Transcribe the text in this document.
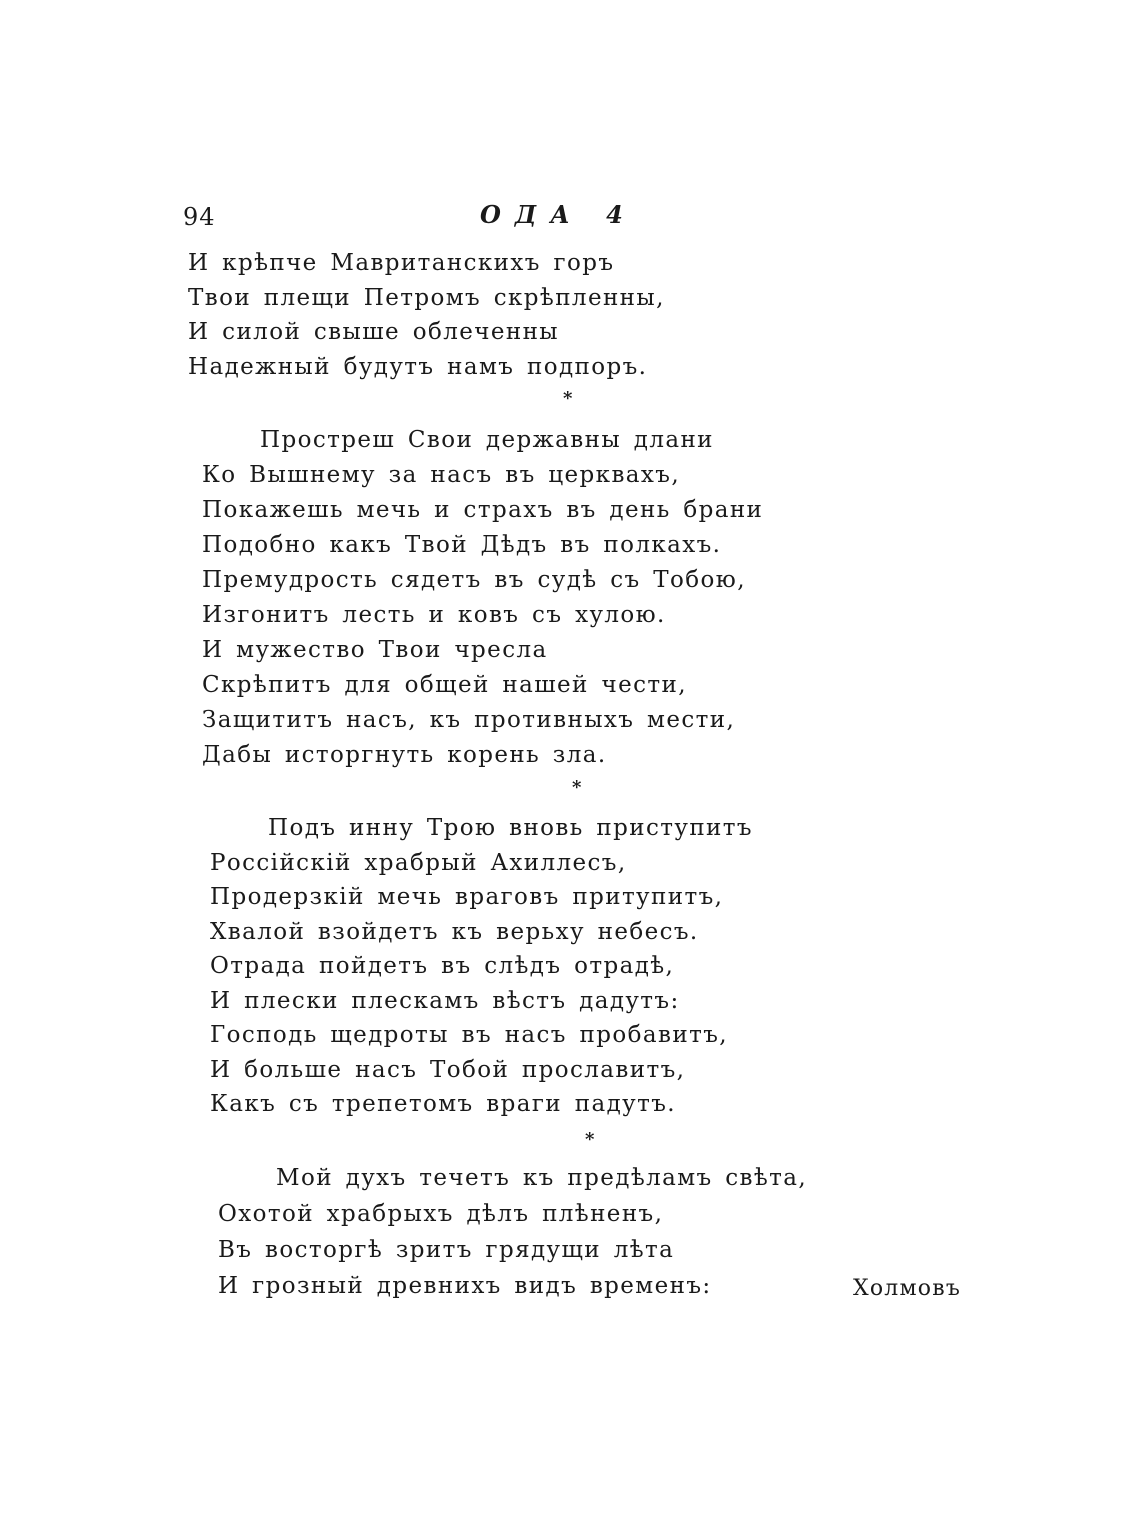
94	ОДА 4
И крѣпче Мавританскихъ горъ
Твои плещи Петромъ скрѣпленны,
И силой свыше облеченны
Надежный будутъ намъ подпоръ.
*
Простреш Свои державны длани
Ко Вышнему за насъ въ церквахъ,
Покажешь мечь и страхъ въ день брани
Подобно какъ Твой Дѣдъ въ полкахъ.
Премудрость сядетъ въ судѣ съ Тобою,
Изгонитъ лесть и ковъ съ хулою.
И мужество Твои чресла
Скрѣпитъ для общей нашей чести,
Защититъ насъ, къ противныхъ мести,
Дабы исторгнуть корень зла.
*
Подъ инну Трою вновь приступитъ
Россійскій храбрый Ахиллесъ,
Продерзкій мечь враговъ притупитъ,
Хвалой взойдетъ къ верьху небесъ.
Отрада пойдетъ въ слѣдъ отрадѣ,
И плески плескамъ вѣстъ дадутъ:
Господь щедроты въ насъ пробавитъ,
И больше насъ Тобой прославитъ,
Какъ съ трепетомъ враги падутъ.
*
Мой духъ течетъ къ предѣламъ свѣта,
Охотой храбрыхъ дѣлъ плѣненъ,
Въ восторгѣ зритъ грядущи лѣта
И грозный древнихъ видъ временъ:	Холмовъ
